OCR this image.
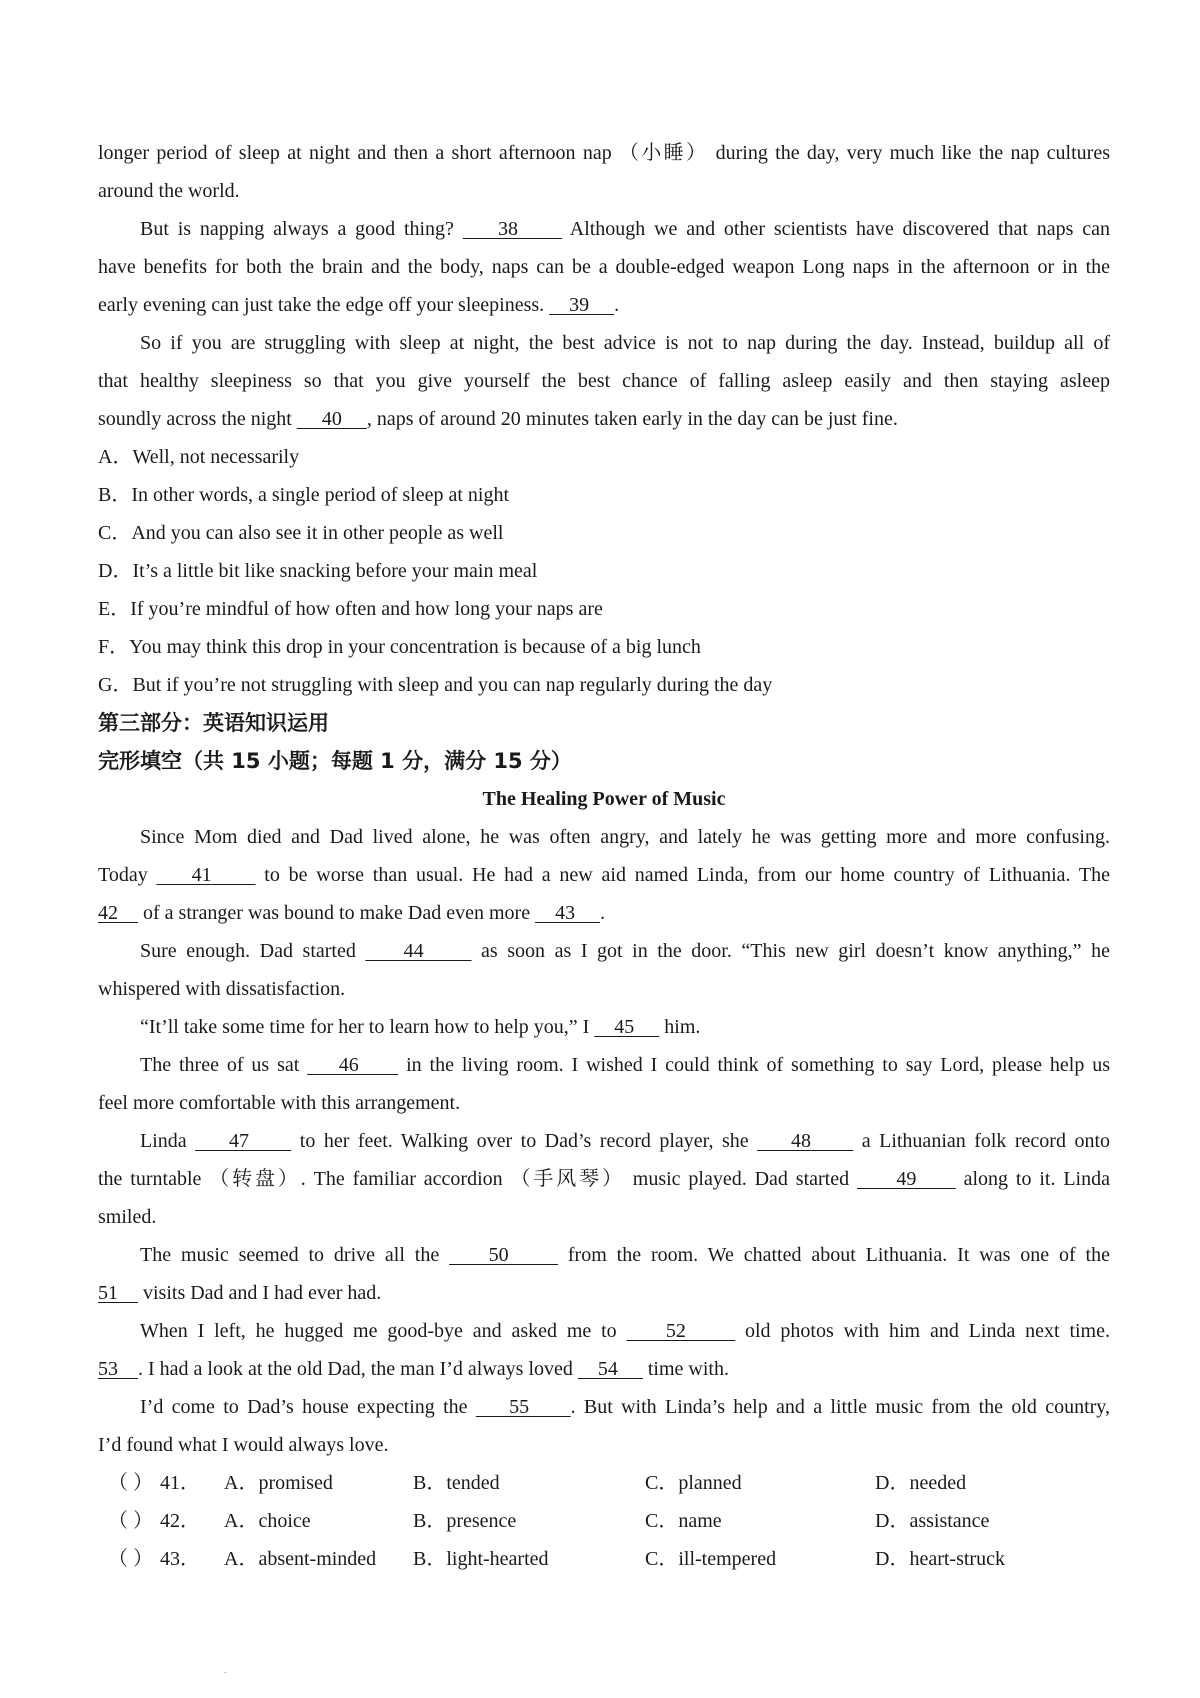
longer period of sleep at night and then a short afternoon nap （小睡） during the day, very much like the nap cultures
around the world.
But is napping always a good thing?     38      Although we and other scientists have discovered that naps can
have benefits for both the brain and the body, naps can be a double-edged weapon Long naps in the afternoon or in the
early evening can just take the edge off your sleepiness.     39     .
So if you are struggling with sleep at night, the best advice is not to nap during the day. Instead, buildup all of
that healthy sleepiness so that you give yourself the best chance of falling asleep easily and then staying asleep
soundly across the night      40     , naps of around 20 minutes taken early in the day can be just fine.
A．Well, not necessarily
B．In other words, a single period of sleep at night
C．And you can also see it in other people as well
D．It’s a little bit like snacking before your main meal
E．If you’re mindful of how often and how long your naps are
F．You may think this drop in your concentration is because of a big lunch
G．But if you’re not struggling with sleep and you can nap regularly during the day
第三部分：英语知识运用
完形填空（共 15 小题；每题 1 分，满分 15 分）
The Healing Power of Music
Since Mom died and Dad lived alone, he was often angry, and lately he was getting more and more confusing.
Today     41      to be worse than usual. He had a new aid named Linda, from our home country of Lithuania. The
42     of a stranger was bound to make Dad even more     43     .
Sure enough. Dad started     44      as soon as I got in the door. “This new girl doesn’t know anything,” he
whispered with dissatisfaction.
“It’ll take some time for her to learn how to help you,” I     45      him.
The three of us sat     46      in the living room. I wished I could think of something to say Lord, please help us
feel more comfortable with this arrangement.
Linda     47      to her feet. Walking over to Dad’s record player, she     48      a Lithuanian folk record onto
the turntable （转盘）. The familiar accordion （手风琴） music played. Dad started      49      along to it. Linda
smiled.
The music seemed to drive all the     50      from the room. We chatted about Lithuania. It was one of the
51     visits Dad and I had ever had.
When I left, he hugged me good-bye and asked me to     52      old photos with him and Linda next time.
53    . I had a look at the old Dad, the man I’d always loved     54      time with.
I’d come to Dad’s house expecting the     55     . But with Linda’s help and a little music from the old country,
I’d found what I would always love.
（ ） 41． A．promised	B．tended	C．planned	D．needed
（ ） 42． A．choice	B．presence	C．name	D．assistance
（ ） 43． A．absent-minded B．light-hearted	C．ill-tempered	D．heart-struck
